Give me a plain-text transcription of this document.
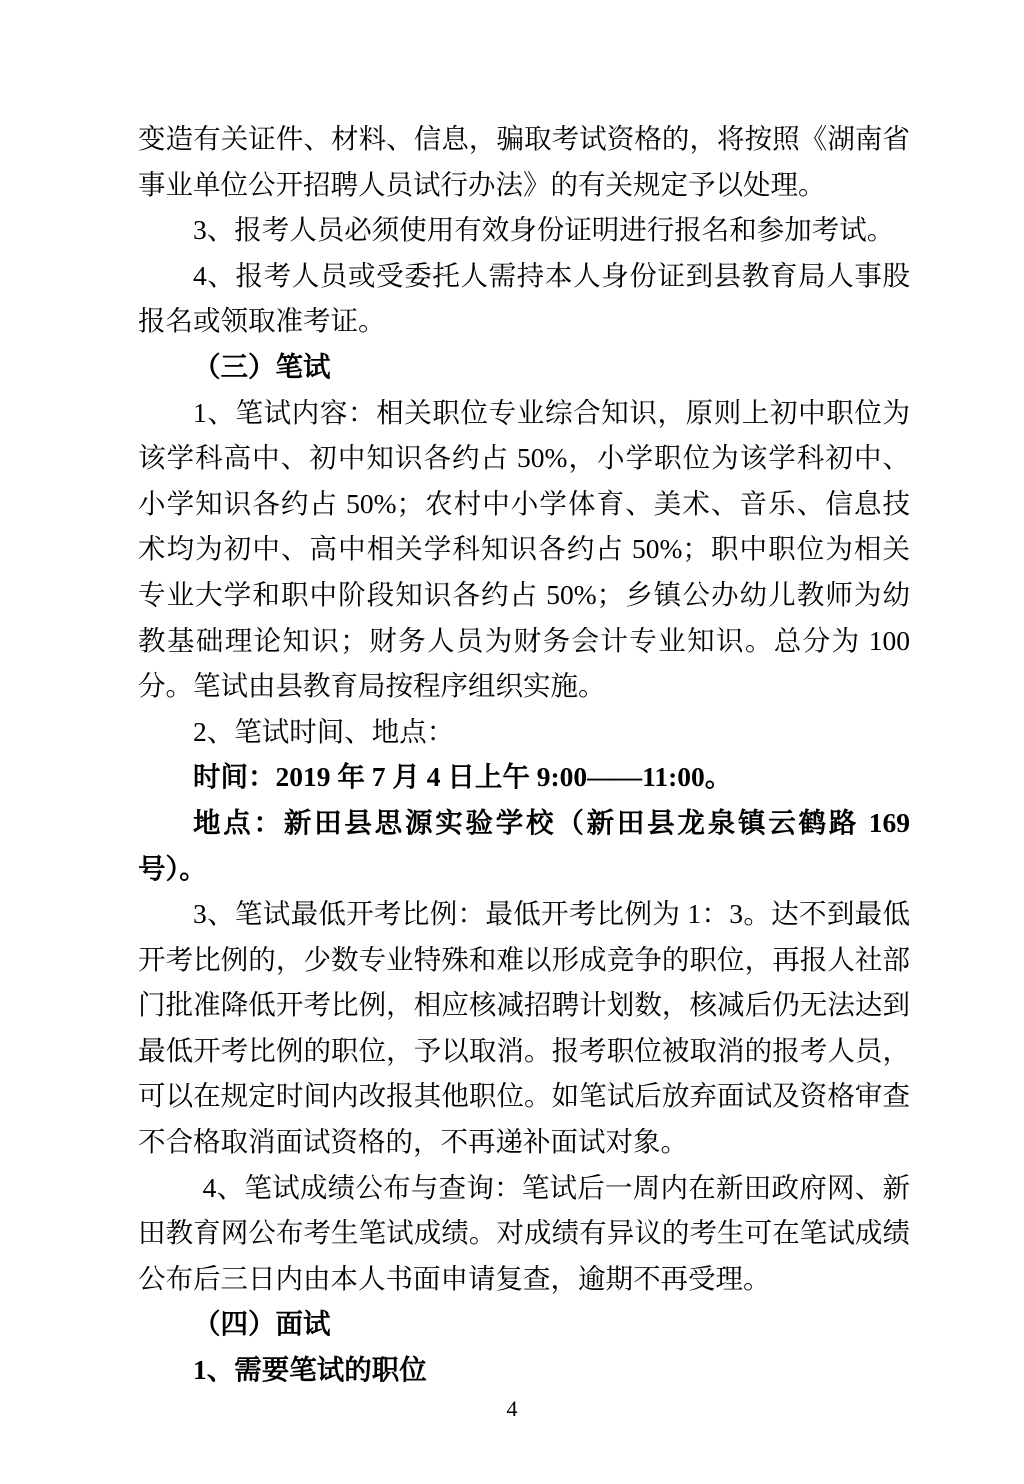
变造有关证件、材料、信息，骗取考试资格的，将按照《湖南省事业单位公开招聘人员试行办法》的有关规定予以处理。

3、报考人员必须使用有效身份证明进行报名和参加考试。

4、报考人员或受委托人需持本人身份证到县教育局人事股报名或领取准考证。

（三）笔试

1、笔试内容：相关职位专业综合知识，原则上初中职位为该学科高中、初中知识各约占 50%，小学职位为该学科初中、小学知识各约占 50%；农村中小学体育、美术、音乐、信息技术均为初中、高中相关学科知识各约占 50%；职中职位为相关专业大学和职中阶段知识各约占 50%；乡镇公办幼儿教师为幼教基础理论知识；财务人员为财务会计专业知识。总分为 100 分。笔试由县教育局按程序组织实施。

2、笔试时间、地点：

时间：2019 年 7 月 4 日上午 9:00——11:00。

地点：新田县思源实验学校（新田县龙泉镇云鹤路 169 号）。

3、笔试最低开考比例：最低开考比例为 1：3。达不到最低开考比例的，少数专业特殊和难以形成竞争的职位，再报人社部门批准降低开考比例，相应核减招聘计划数，核减后仍无法达到最低开考比例的职位，予以取消。报考职位被取消的报考人员，可以在规定时间内改报其他职位。如笔试后放弃面试及资格审查不合格取消面试资格的，不再递补面试对象。

4、笔试成绩公布与查询：笔试后一周内在新田政府网、新田教育网公布考生笔试成绩。对成绩有异议的考生可在笔试成绩公布后三日内由本人书面申请复查，逾期不再受理。

（四）面试

1、需要笔试的职位

4
